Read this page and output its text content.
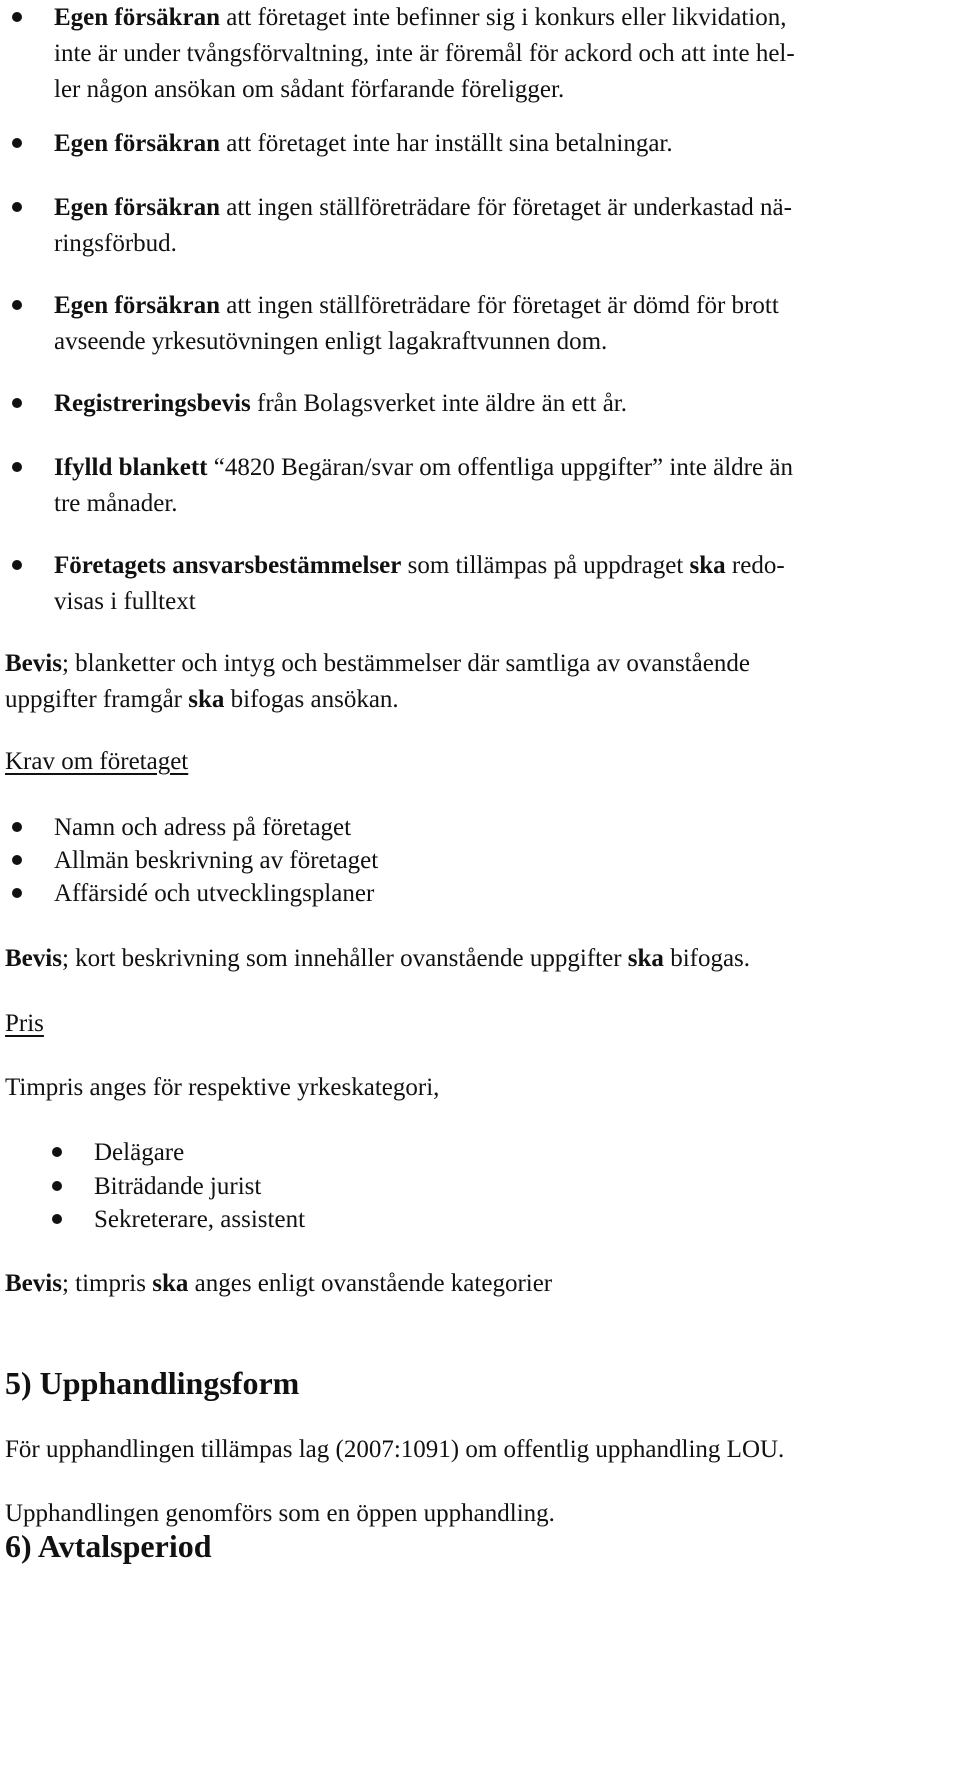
Egen försäkran att företaget inte befinner sig i konkurs eller likvidation,
inte är under tvångsförvaltning, inte är föremål för ackord och att inte hel-
ler någon ansökan om sådant förfarande föreligger.
Egen försäkran att företaget inte har inställt sina betalningar.
Egen försäkran att ingen ställföreträdare för företaget är underkastad nä-
ringsförbud.
Egen försäkran att ingen ställföreträdare för företaget är dömd för brott
avseende yrkesutövningen enligt lagakraftvunnen dom.
Registreringsbevis från Bolagsverket inte äldre än ett år.
Ifylld blankett “4820 Begäran/svar om offentliga uppgifter” inte äldre än
tre månader.
Företagets ansvarsbestämmelser som tillämpas på uppdraget ska redo-
visas i fulltext
Bevis; blanketter och intyg och bestämmelser där samtliga av ovanstående
uppgifter framgår ska bifogas ansökan.
Krav om företaget
Namn och adress på företaget
Allmän beskrivning av företaget
Affärsidé och utvecklingsplaner
Bevis; kort beskrivning som innehåller ovanstående uppgifter ska bifogas.
Pris
Timpris anges för respektive yrkeskategori,
Delägare
Biträdande jurist
Sekreterare, assistent
Bevis; timpris ska anges enligt ovanstående kategorier
5) Upphandlingsform
För upphandlingen tillämpas lag (2007:1091) om offentlig upphandling LOU.
Upphandlingen genomförs som en öppen upphandling.
6) Avtalsperiod
